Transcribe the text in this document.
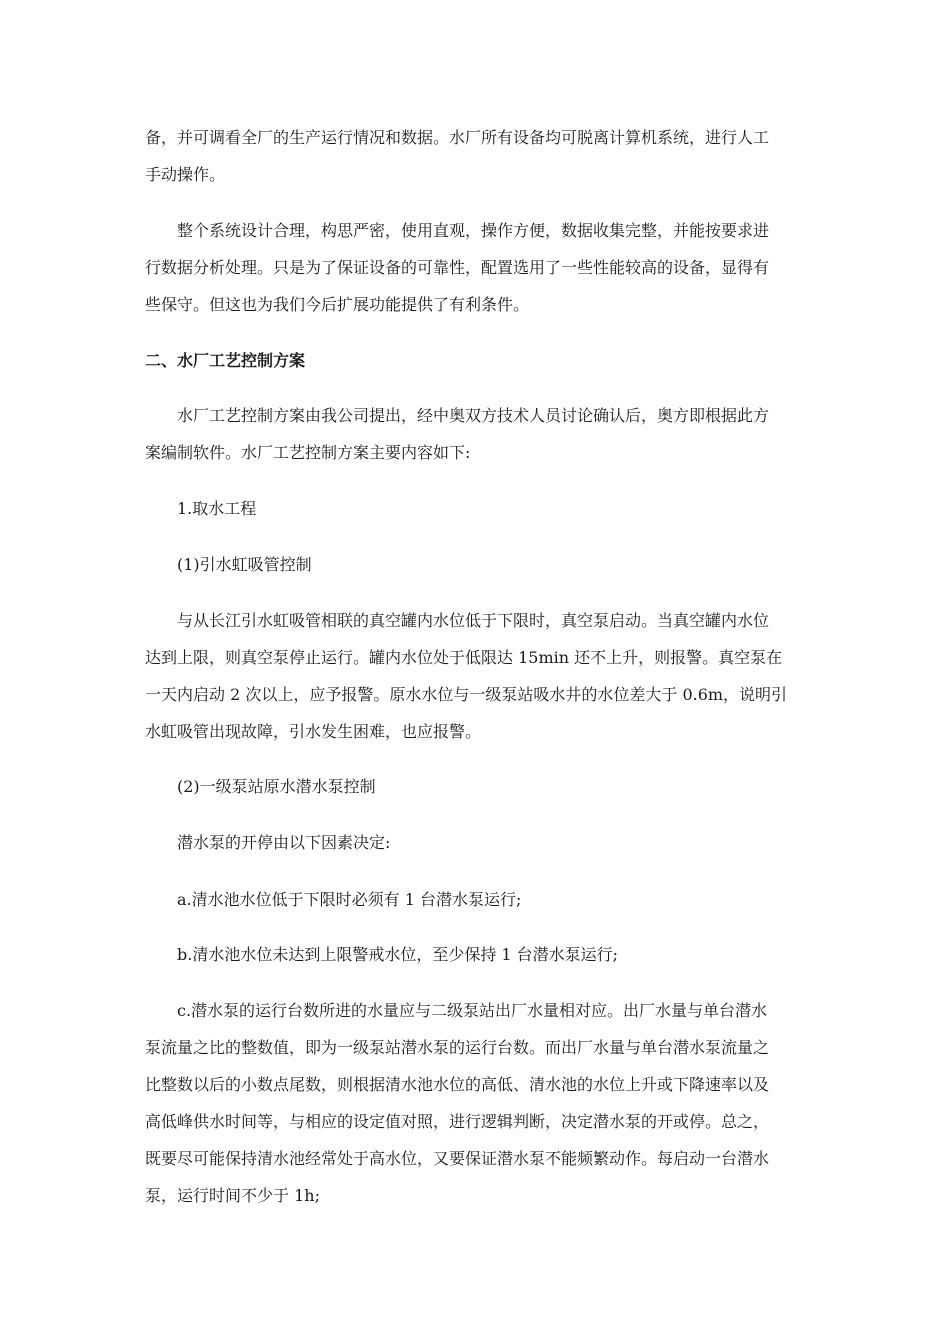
备，并可调看全厂的生产运行情况和数据。水厂所有设备均可脱离计算机系统，进行人工
手动操作。
整个系统设计合理，构思严密，使用直观，操作方便，数据收集完整，并能按要求进
行数据分析处理。只是为了保证设备的可靠性，配置选用了一些性能较高的设备，显得有
些保守。但这也为我们今后扩展功能提供了有利条件。
二、水厂工艺控制方案
水厂工艺控制方案由我公司提出，经中奥双方技术人员讨论确认后，奥方即根据此方
案编制软件。水厂工艺控制方案主要内容如下:
1.取水工程
(1)引水虹吸管控制
与从长江引水虹吸管相联的真空罐内水位低于下限时，真空泵启动。当真空罐内水位
达到上限，则真空泵停止运行。罐内水位处于低限达 15min 还不上升，则报警。真空泵在
一天内启动 2 次以上，应予报警。原水水位与一级泵站吸水井的水位差大于 0.6m，说明引
水虹吸管出现故障，引水发生困难，也应报警。
(2)一级泵站原水潜水泵控制
潜水泵的开停由以下因素决定:
a.清水池水位低于下限时必须有 1 台潜水泵运行;
b.清水池水位未达到上限警戒水位，至少保持 1 台潜水泵运行;
c.潜水泵的运行台数所进的水量应与二级泵站出厂水量相对应。出厂水量与单台潜水
泵流量之比的整数值，即为一级泵站潜水泵的运行台数。而出厂水量与单台潜水泵流量之
比整数以后的小数点尾数，则根据清水池水位的高低、清水池的水位上升或下降速率以及
高低峰供水时间等，与相应的设定值对照，进行逻辑判断，决定潜水泵的开或停。总之，
既要尽可能保持清水池经常处于高水位，又要保证潜水泵不能频繁动作。每启动一台潜水
泵，运行时间不少于 1h;
